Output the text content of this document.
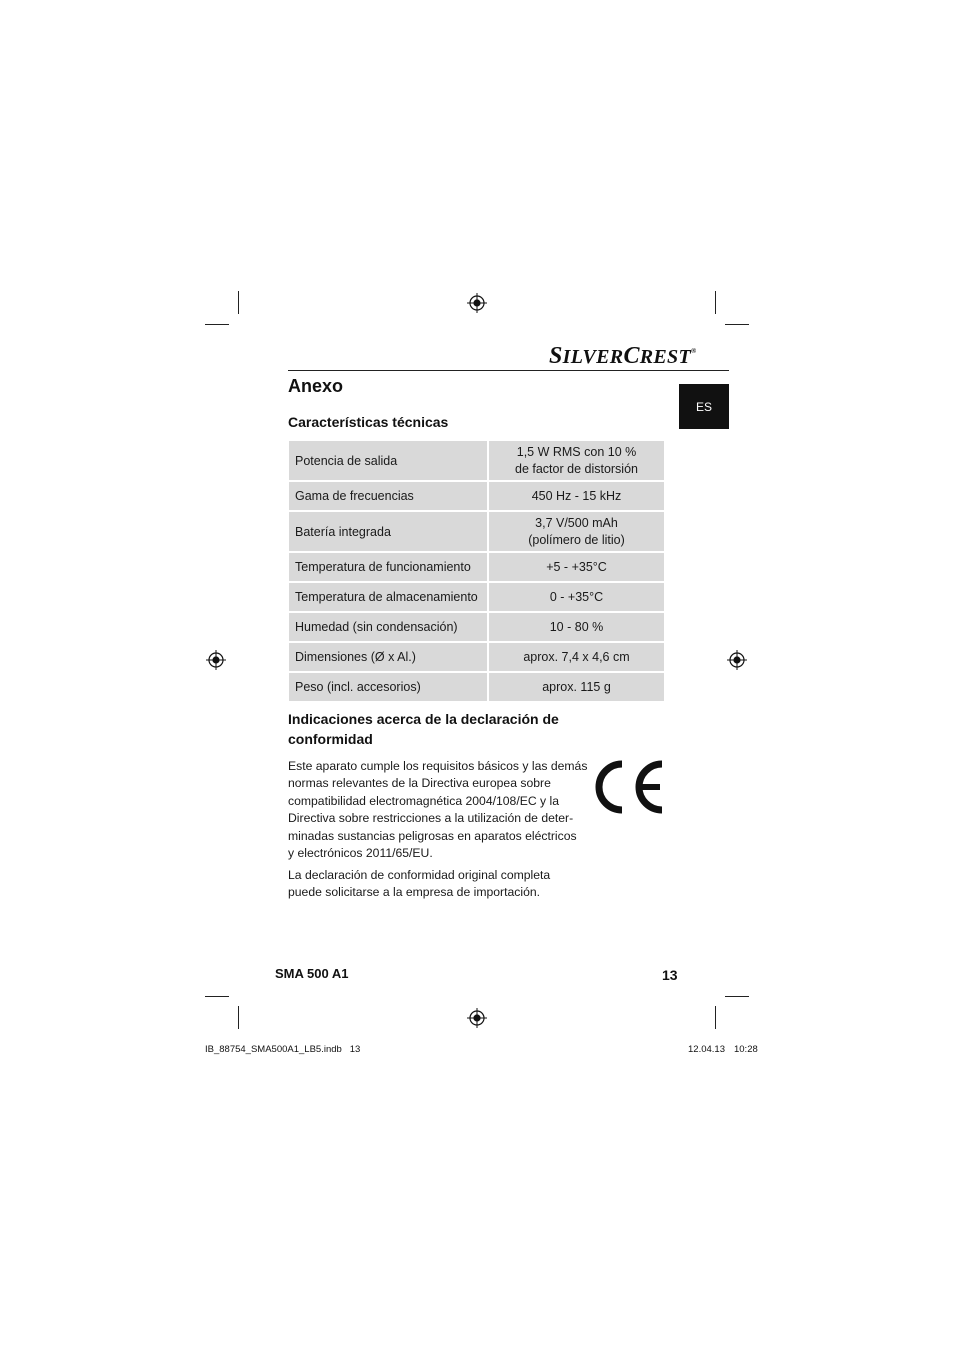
SILVERCREST®
ES
Anexo
Características técnicas
Potencia de salida	1,5 W RMS con 10 %
de factor de distorsión
Gama de frecuencias	450 Hz - 15 kHz
Batería integrada	3,7 V/500 mAh
(polímero de litio)
Temperatura de funcionamiento	+5 - +35°C
Temperatura de almacenamiento	0 - +35°C
Humedad (sin condensación)	10 - 80 %
Dimensiones (Ø x Al.)	aprox. 7,4 x 4,6 cm
Peso (incl. accesorios)	aprox. 115 g
Indicaciones acerca de la declaración de
conformidad
Este aparato cumple los requisitos básicos y las demás
normas relevantes de la Directiva europea sobre
compatibilidad electromagnética 2004/108/EC y la
Directiva sobre restricciones a la utilización de deter-
minadas sustancias peligrosas en aparatos eléctricos
y electrónicos 2011/65/EU.
La declaración de conformidad original completa
puede solicitarse a la empresa de importación.
SMA 500 A1	13
IB_88754_SMA500A1_LB5.indb   13	12.04.13 10:28
